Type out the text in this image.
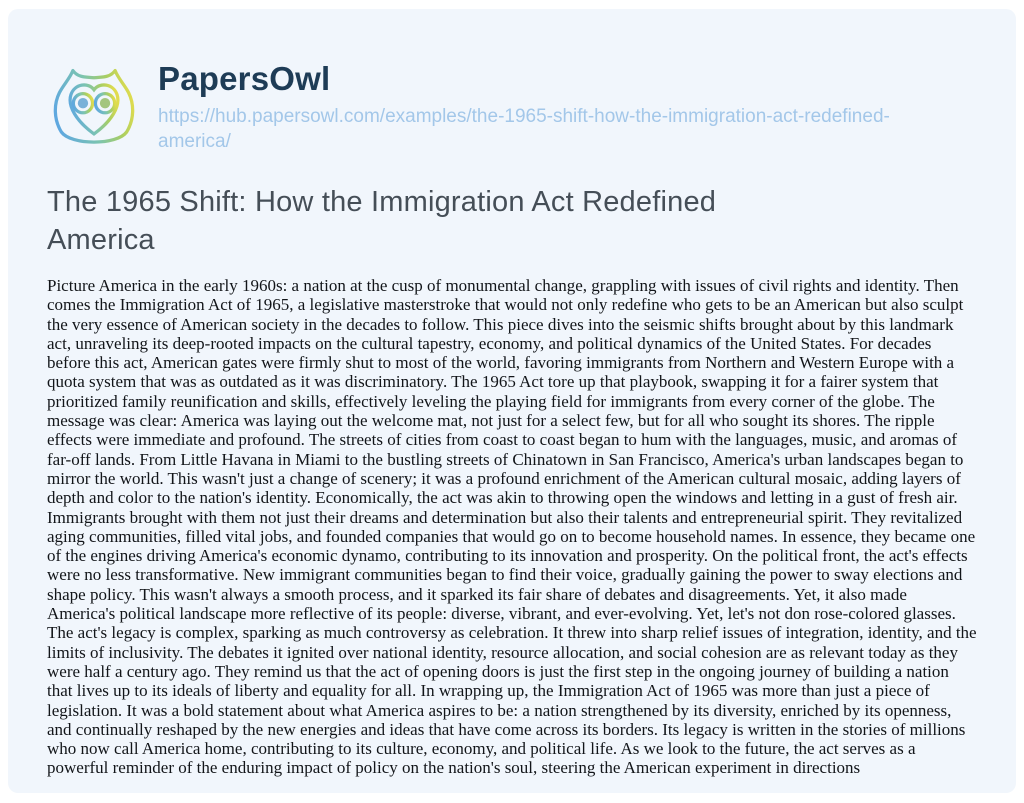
PapersOwl
https://hub.papersowl.com/examples/the-1965-shift-how-the-immigration-act-redefined-america/
The 1965 Shift: How the Immigration Act Redefined America

Picture America in the early 1960s: a nation at the cusp of monumental change, grappling with issues of civil rights and identity. Then comes the Immigration Act of 1965, a legislative masterstroke that would not only redefine who gets to be an American but also sculpt the very essence of American society in the decades to follow. This piece dives into the seismic shifts brought about by this landmark act, unraveling its deep-rooted impacts on the cultural tapestry, economy, and political dynamics of the United States. For decades before this act, American gates were firmly shut to most of the world, favoring immigrants from Northern and Western Europe with a quota system that was as outdated as it was discriminatory. The 1965 Act tore up that playbook, swapping it for a fairer system that prioritized family reunification and skills, effectively leveling the playing field for immigrants from every corner of the globe. The message was clear: America was laying out the welcome mat, not just for a select few, but for all who sought its shores. The ripple effects were immediate and profound. The streets of cities from coast to coast began to hum with the languages, music, and aromas of far-off lands. From Little Havana in Miami to the bustling streets of Chinatown in San Francisco, America's urban landscapes began to mirror the world. This wasn't just a change of scenery; it was a profound enrichment of the American cultural mosaic, adding layers of depth and color to the nation's identity. Economically, the act was akin to throwing open the windows and letting in a gust of fresh air. Immigrants brought with them not just their dreams and determination but also their talents and entrepreneurial spirit. They revitalized aging communities, filled vital jobs, and founded companies that would go on to become household names. In essence, they became one of the engines driving America's economic dynamo, contributing to its innovation and prosperity. On the political front, the act's effects were no less transformative. New immigrant communities began to find their voice, gradually gaining the power to sway elections and shape policy. This wasn't always a smooth process, and it sparked its fair share of debates and disagreements. Yet, it also made America's political landscape more reflective of its people: diverse, vibrant, and ever-evolving. Yet, let's not don rose-colored glasses. The act's legacy is complex, sparking as much controversy as celebration. It threw into sharp relief issues of integration, identity, and the limits of inclusivity. The debates it ignited over national identity, resource allocation, and social cohesion are as relevant today as they were half a century ago. They remind us that the act of opening doors is just the first step in the ongoing journey of building a nation that lives up to its ideals of liberty and equality for all. In wrapping up, the Immigration Act of 1965 was more than just a piece of legislation. It was a bold statement about what America aspires to be: a nation strengthened by its diversity, enriched by its openness, and continually reshaped by the new energies and ideas that have come across its borders. Its legacy is written in the stories of millions who now call America home, contributing to its culture, economy, and political life. As we look to the future, the act serves as a powerful reminder of the enduring impact of policy on the nation's soul, steering the American experiment in directions
